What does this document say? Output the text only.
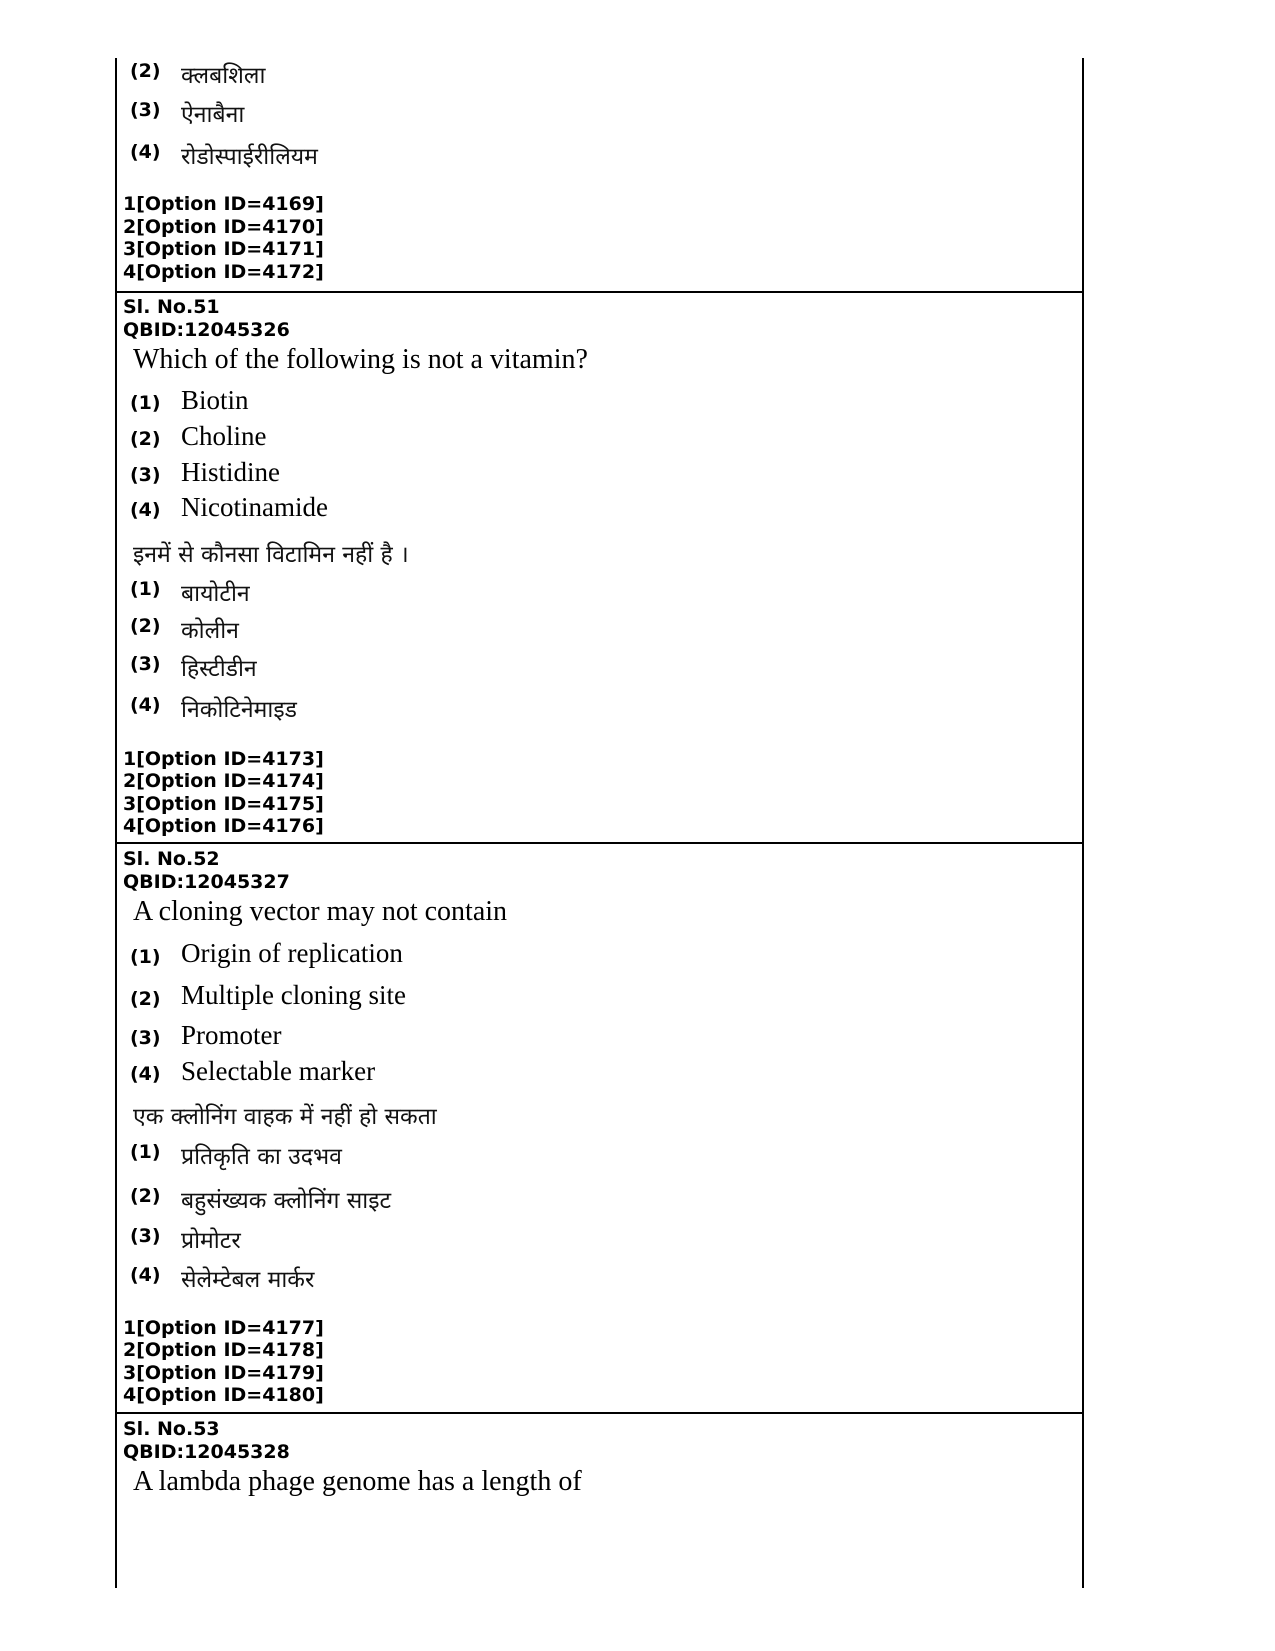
(2) क्लबशिला
(3) ऐनाबैना
(4) रोडोस्पाईरीलियम
1[Option ID=4169]
2[Option ID=4170]
3[Option ID=4171]
4[Option ID=4172]
Sl. No.51
QBID:12045326
Which of the following is not a vitamin?
(1) Biotin
(2) Choline
(3) Histidine
(4) Nicotinamide
इनमें से कौनसा विटामिन नहीं है ।
(1) बायोटीन
(2) कोलीन
(3) हिस्टीडीन
(4) निकोटिनेमाइड
1[Option ID=4173]
2[Option ID=4174]
3[Option ID=4175]
4[Option ID=4176]
Sl. No.52
QBID:12045327
A cloning vector may not contain
(1) Origin of replication
(2) Multiple cloning site
(3) Promoter
(4) Selectable marker
एक क्लोनिंग वाहक में नहीं हो सकता
(1) प्रतिकृति का उदभव
(2) बहुसंख्यक क्लोनिंग साइट
(3) प्रोमोटर
(4) सेलेम्टेबल मार्कर
1[Option ID=4177]
2[Option ID=4178]
3[Option ID=4179]
4[Option ID=4180]
Sl. No.53
QBID:12045328
A lambda phage genome has a length of
